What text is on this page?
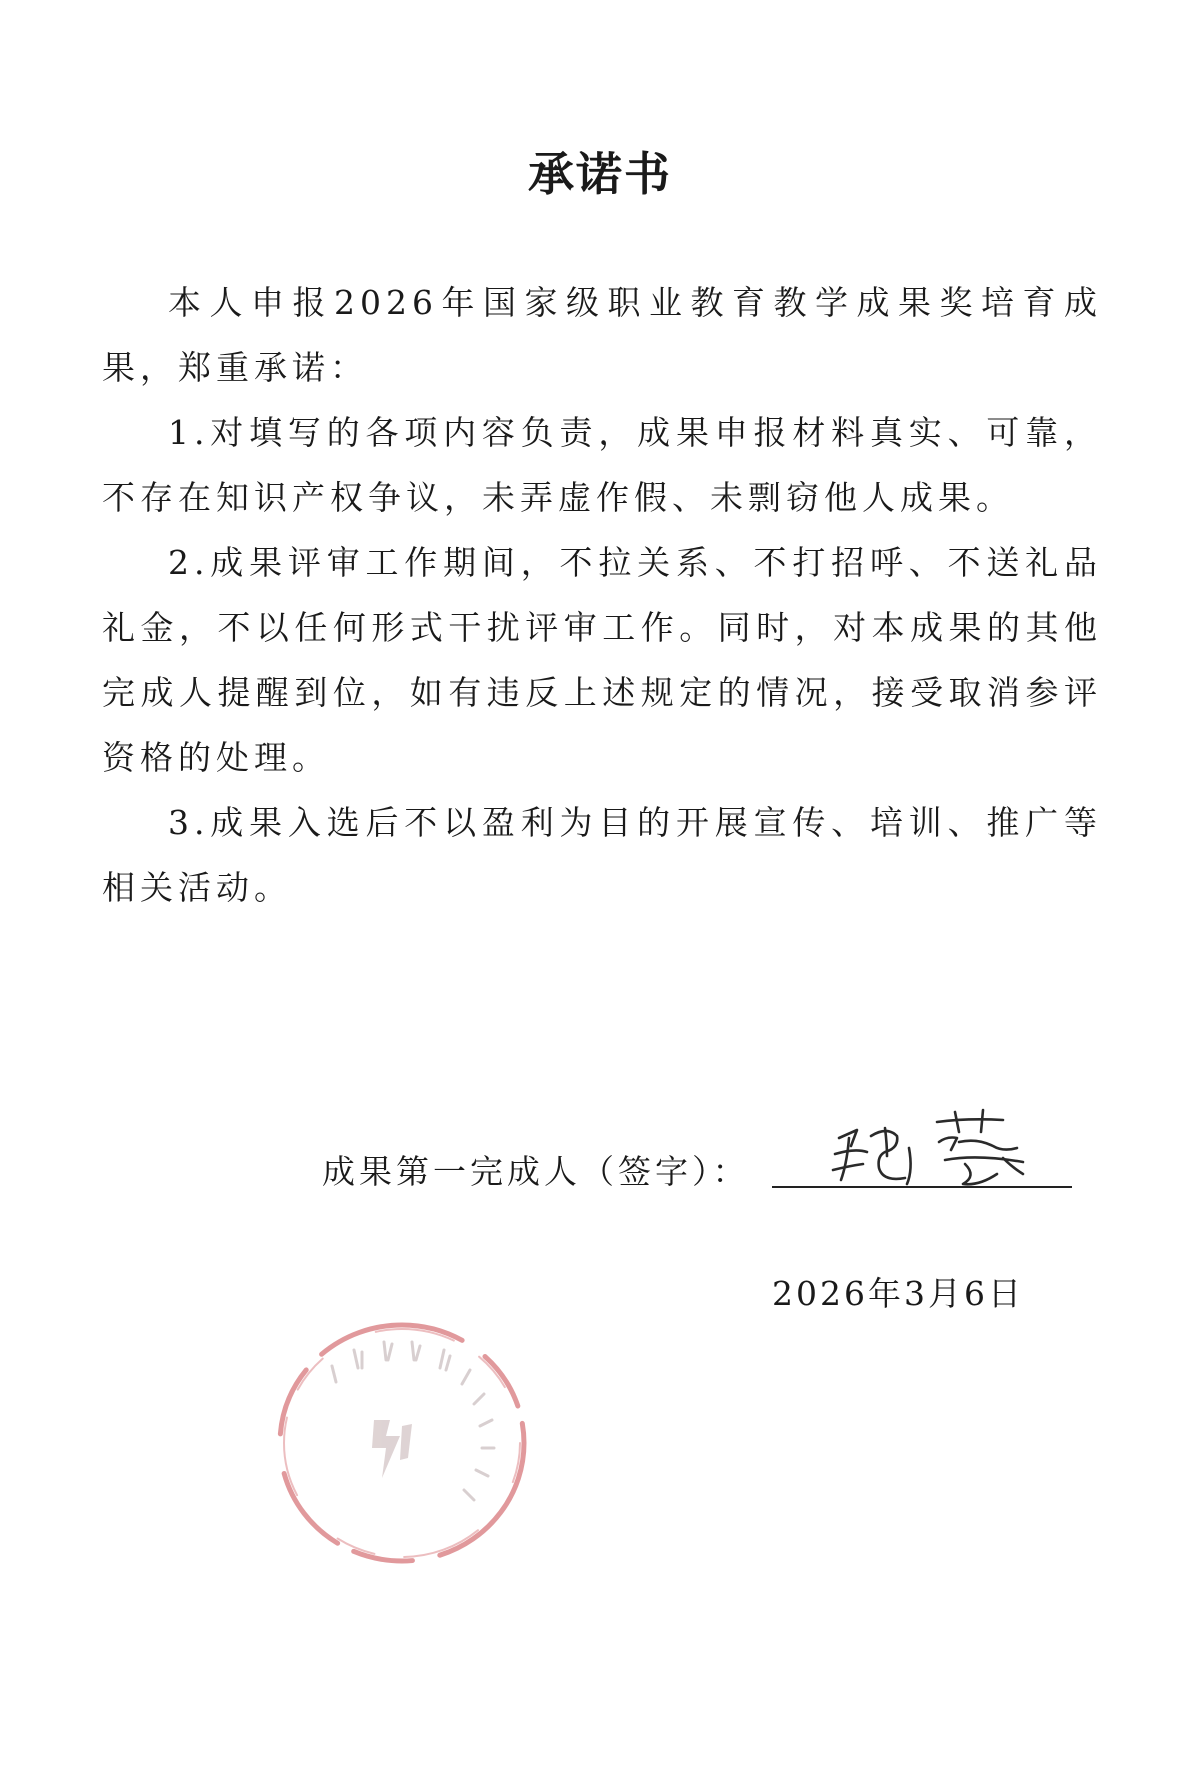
承诺书

本人申报2026年国家级职业教育教学成果奖培育成果，郑重承诺：

1.对填写的各项内容负责，成果申报材料真实、可靠，不存在知识产权争议，未弄虚作假、未剽窃他人成果。

2.成果评审工作期间，不拉关系、不打招呼、不送礼品礼金，不以任何形式干扰评审工作。同时，对本成果的其他完成人提醒到位，如有违反上述规定的情况，接受取消参评资格的处理。

3.成果入选后不以盈利为目的开展宣传、培训、推广等相关活动。

成果第一完成人（签字）：
2026年3月6日
